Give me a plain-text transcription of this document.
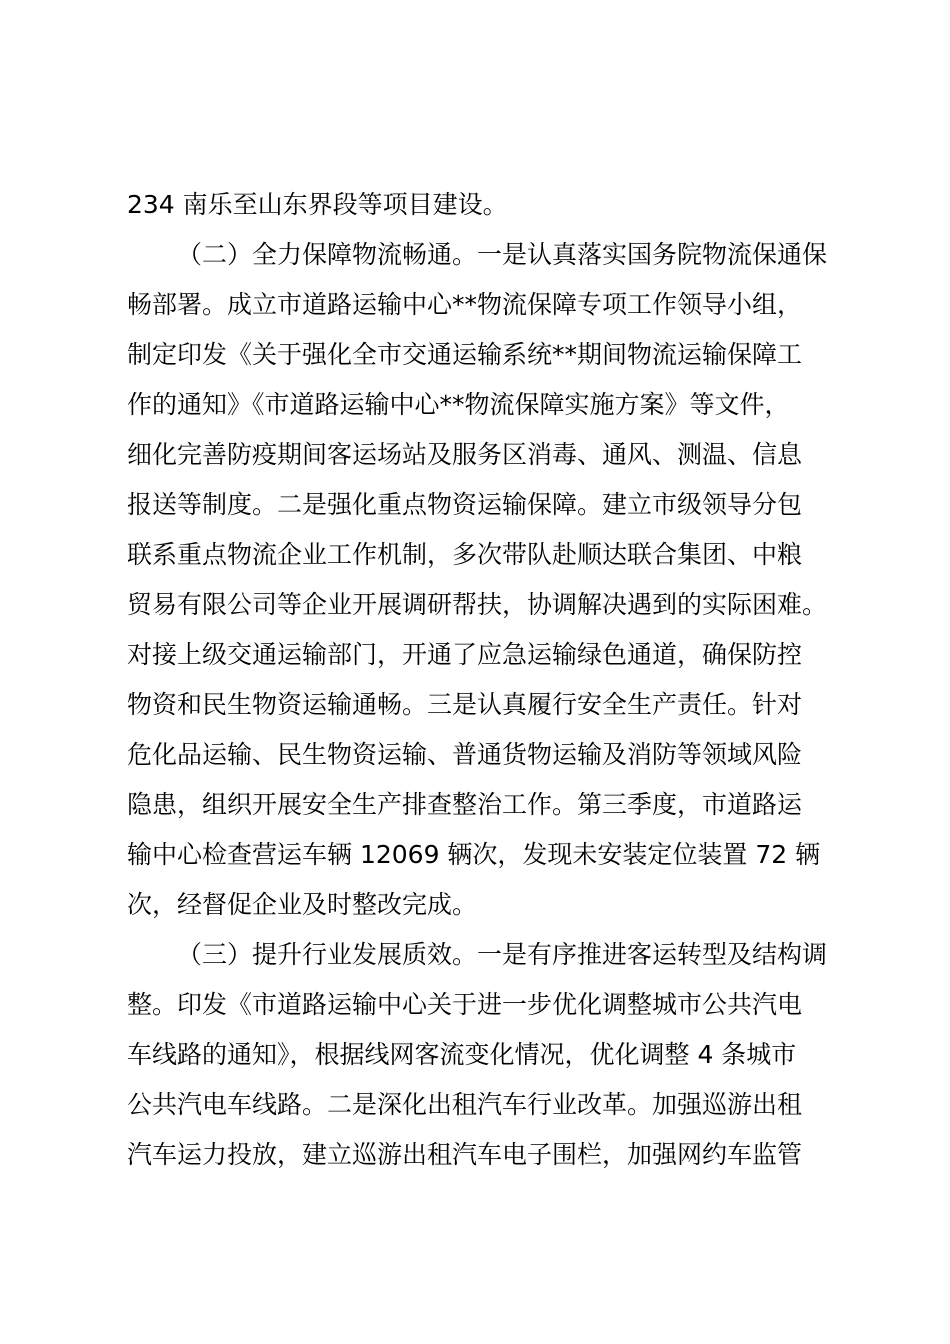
234 南乐至山东界段等项目建设。
（二）全力保障物流畅通。一是认真落实国务院物流保通保
畅部署。成立市道路运输中心**物流保障专项工作领导小组，
制定印发《关于强化全市交通运输系统**期间物流运输保障工
作的通知》《市道路运输中心**物流保障实施方案》等文件，
细化完善防疫期间客运场站及服务区消毒、通风、测温、信息
报送等制度。二是强化重点物资运输保障。建立市级领导分包
联系重点物流企业工作机制，多次带队赴顺达联合集团、中粮
贸易有限公司等企业开展调研帮扶，协调解决遇到的实际困难。
对接上级交通运输部门，开通了应急运输绿色通道，确保防控
物资和民生物资运输通畅。三是认真履行安全生产责任。针对
危化品运输、民生物资运输、普通货物运输及消防等领域风险
隐患，组织开展安全生产排查整治工作。第三季度，市道路运
输中心检查营运车辆 12069 辆次，发现未安装定位装置 72 辆
次，经督促企业及时整改完成。
（三）提升行业发展质效。一是有序推进客运转型及结构调
整。印发《市道路运输中心关于进一步优化调整城市公共汽电
车线路的通知》，根据线网客流变化情况，优化调整 4 条城市
公共汽电车线路。二是深化出租汽车行业改革。加强巡游出租
汽车运力投放，建立巡游出租汽车电子围栏，加强网约车监管
